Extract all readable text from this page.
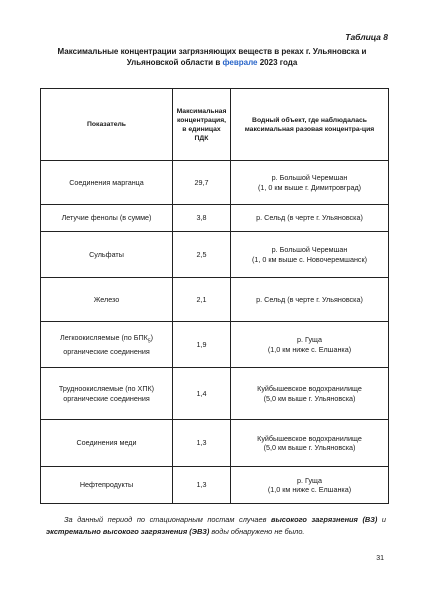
Таблица 8
Максимальные концентрации загрязняющих веществ в реках г. Ульяновска и Ульяновской области в феврале 2023 года
Показатель	Максимальная концентрация, в единицах ПДК	Водный объект, где наблюдалась максимальная разовая концентра-ция
Соединения марганца	29,7	р. Большой Черемшан
(1, 0 км выше г. Димитровград)

Летучие фенолы (в сумме)	3,8	р. Сельд (в черте г. Ульяновска)

Сульфаты	2,5	р. Большой Черемшан
(1, 0 км выше с. Новочеремшанск)

Железо	2,1	р. Сельд (в черте г. Ульяновска)

Легкоокисляемые (по $БПК_5$) органические соединения	1,9	р. Гуща
(1,0 км ниже с. Елшанка)

Трудноокисляемые (по ХПК) органические соединения	1,4	Куйбышевское водохранилище
(5,0 км выше г. Ульяновска)

Соединения меди	1,3	Куйбышевское водохранилище
(5,0 км выше г. Ульяновска)

Нефтепродукты	1,3	р. Гуща
(1,0 км ниже с. Елшанка)
За данный период по стационарным постам случаев высокого загрязнения (ВЗ) и экстремально высокого загрязнения (ЭВЗ) воды обнаружено не было.
31
